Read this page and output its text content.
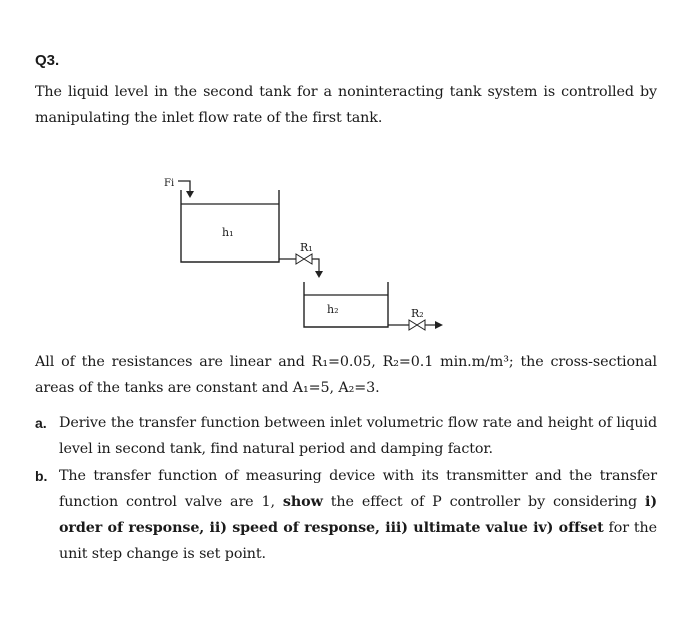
Q3.
The liquid level in the second tank for a noninteracting tank system is controlled by manipulating the inlet flow rate of the first tank.
Fi
h₁
R₁
h₂	R₂
All of the resistances are linear and R₁=0.05, R₂=0.1 min.m/m³; the cross-sectional areas of the tanks are constant and A₁=5, A₂=3.
a. Derive the transfer function between inlet volumetric flow rate and height of liquid level in second tank, find natural period and damping factor.
b. The transfer function of measuring device with its transmitter and the transfer function control valve are 1, show the effect of P controller by considering i) order of response, ii) speed of response, iii) ultimate value iv) offset for the unit step change is set point.
